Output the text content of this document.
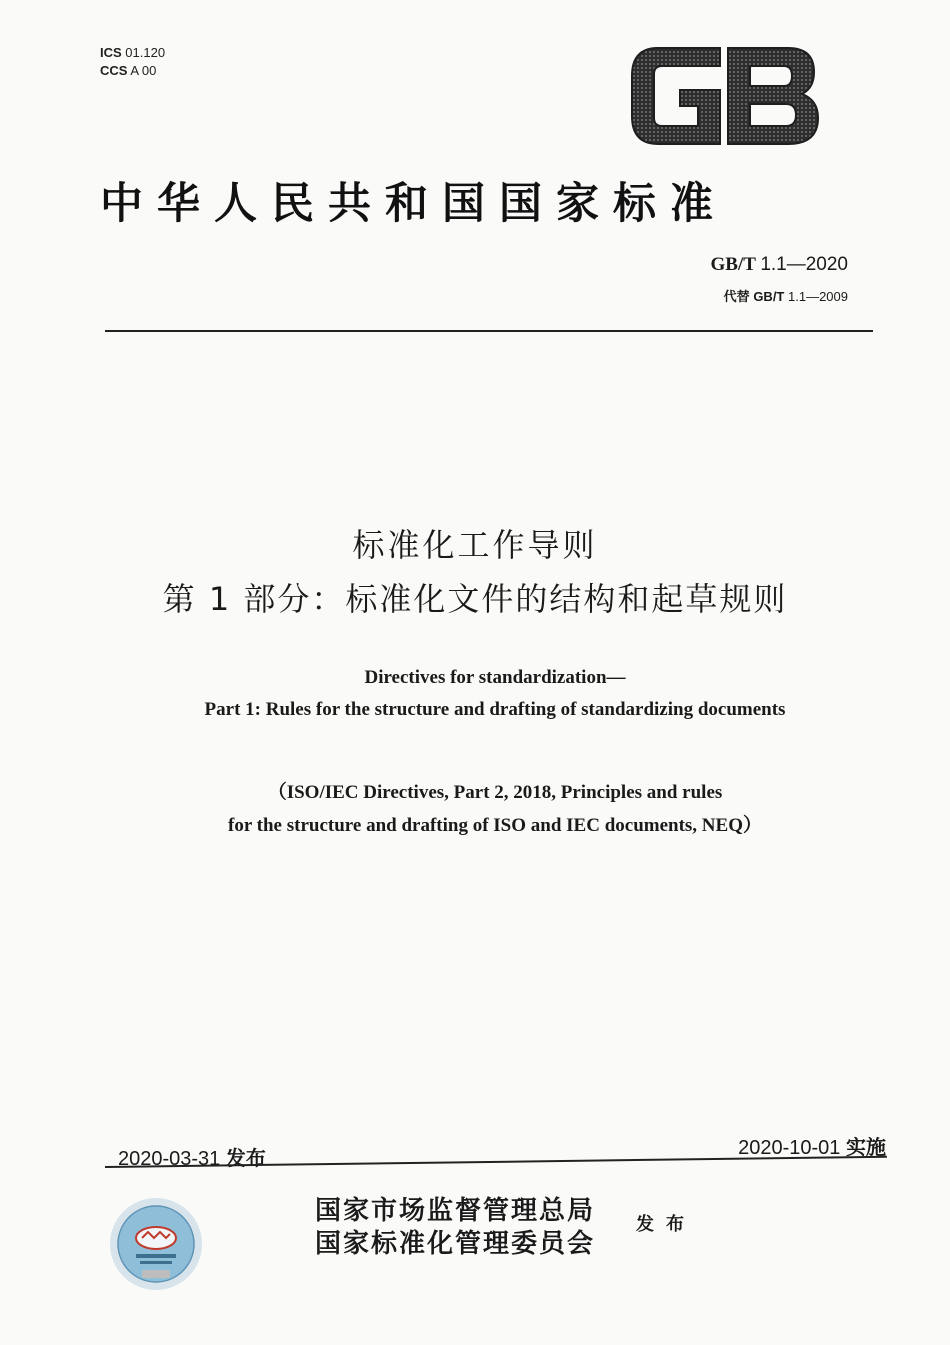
ICS 01.120
CCS A 00
中华人民共和国国家标准
GB/T 1.1—2020
代替 GB/T 1.1—2009
标准化工作导则
第 1 部分：标准化文件的结构和起草规则
Directives for standardization—
Part 1: Rules for the structure and drafting of standardizing documents
（ISO/IEC Directives, Part 2, 2018, Principles and rules
for the structure and drafting of ISO and IEC documents, NEQ）
2020-03-31 发布	2020-10-01 实施
国家市场监督管理总局
国家标准化管理委员会
发布
